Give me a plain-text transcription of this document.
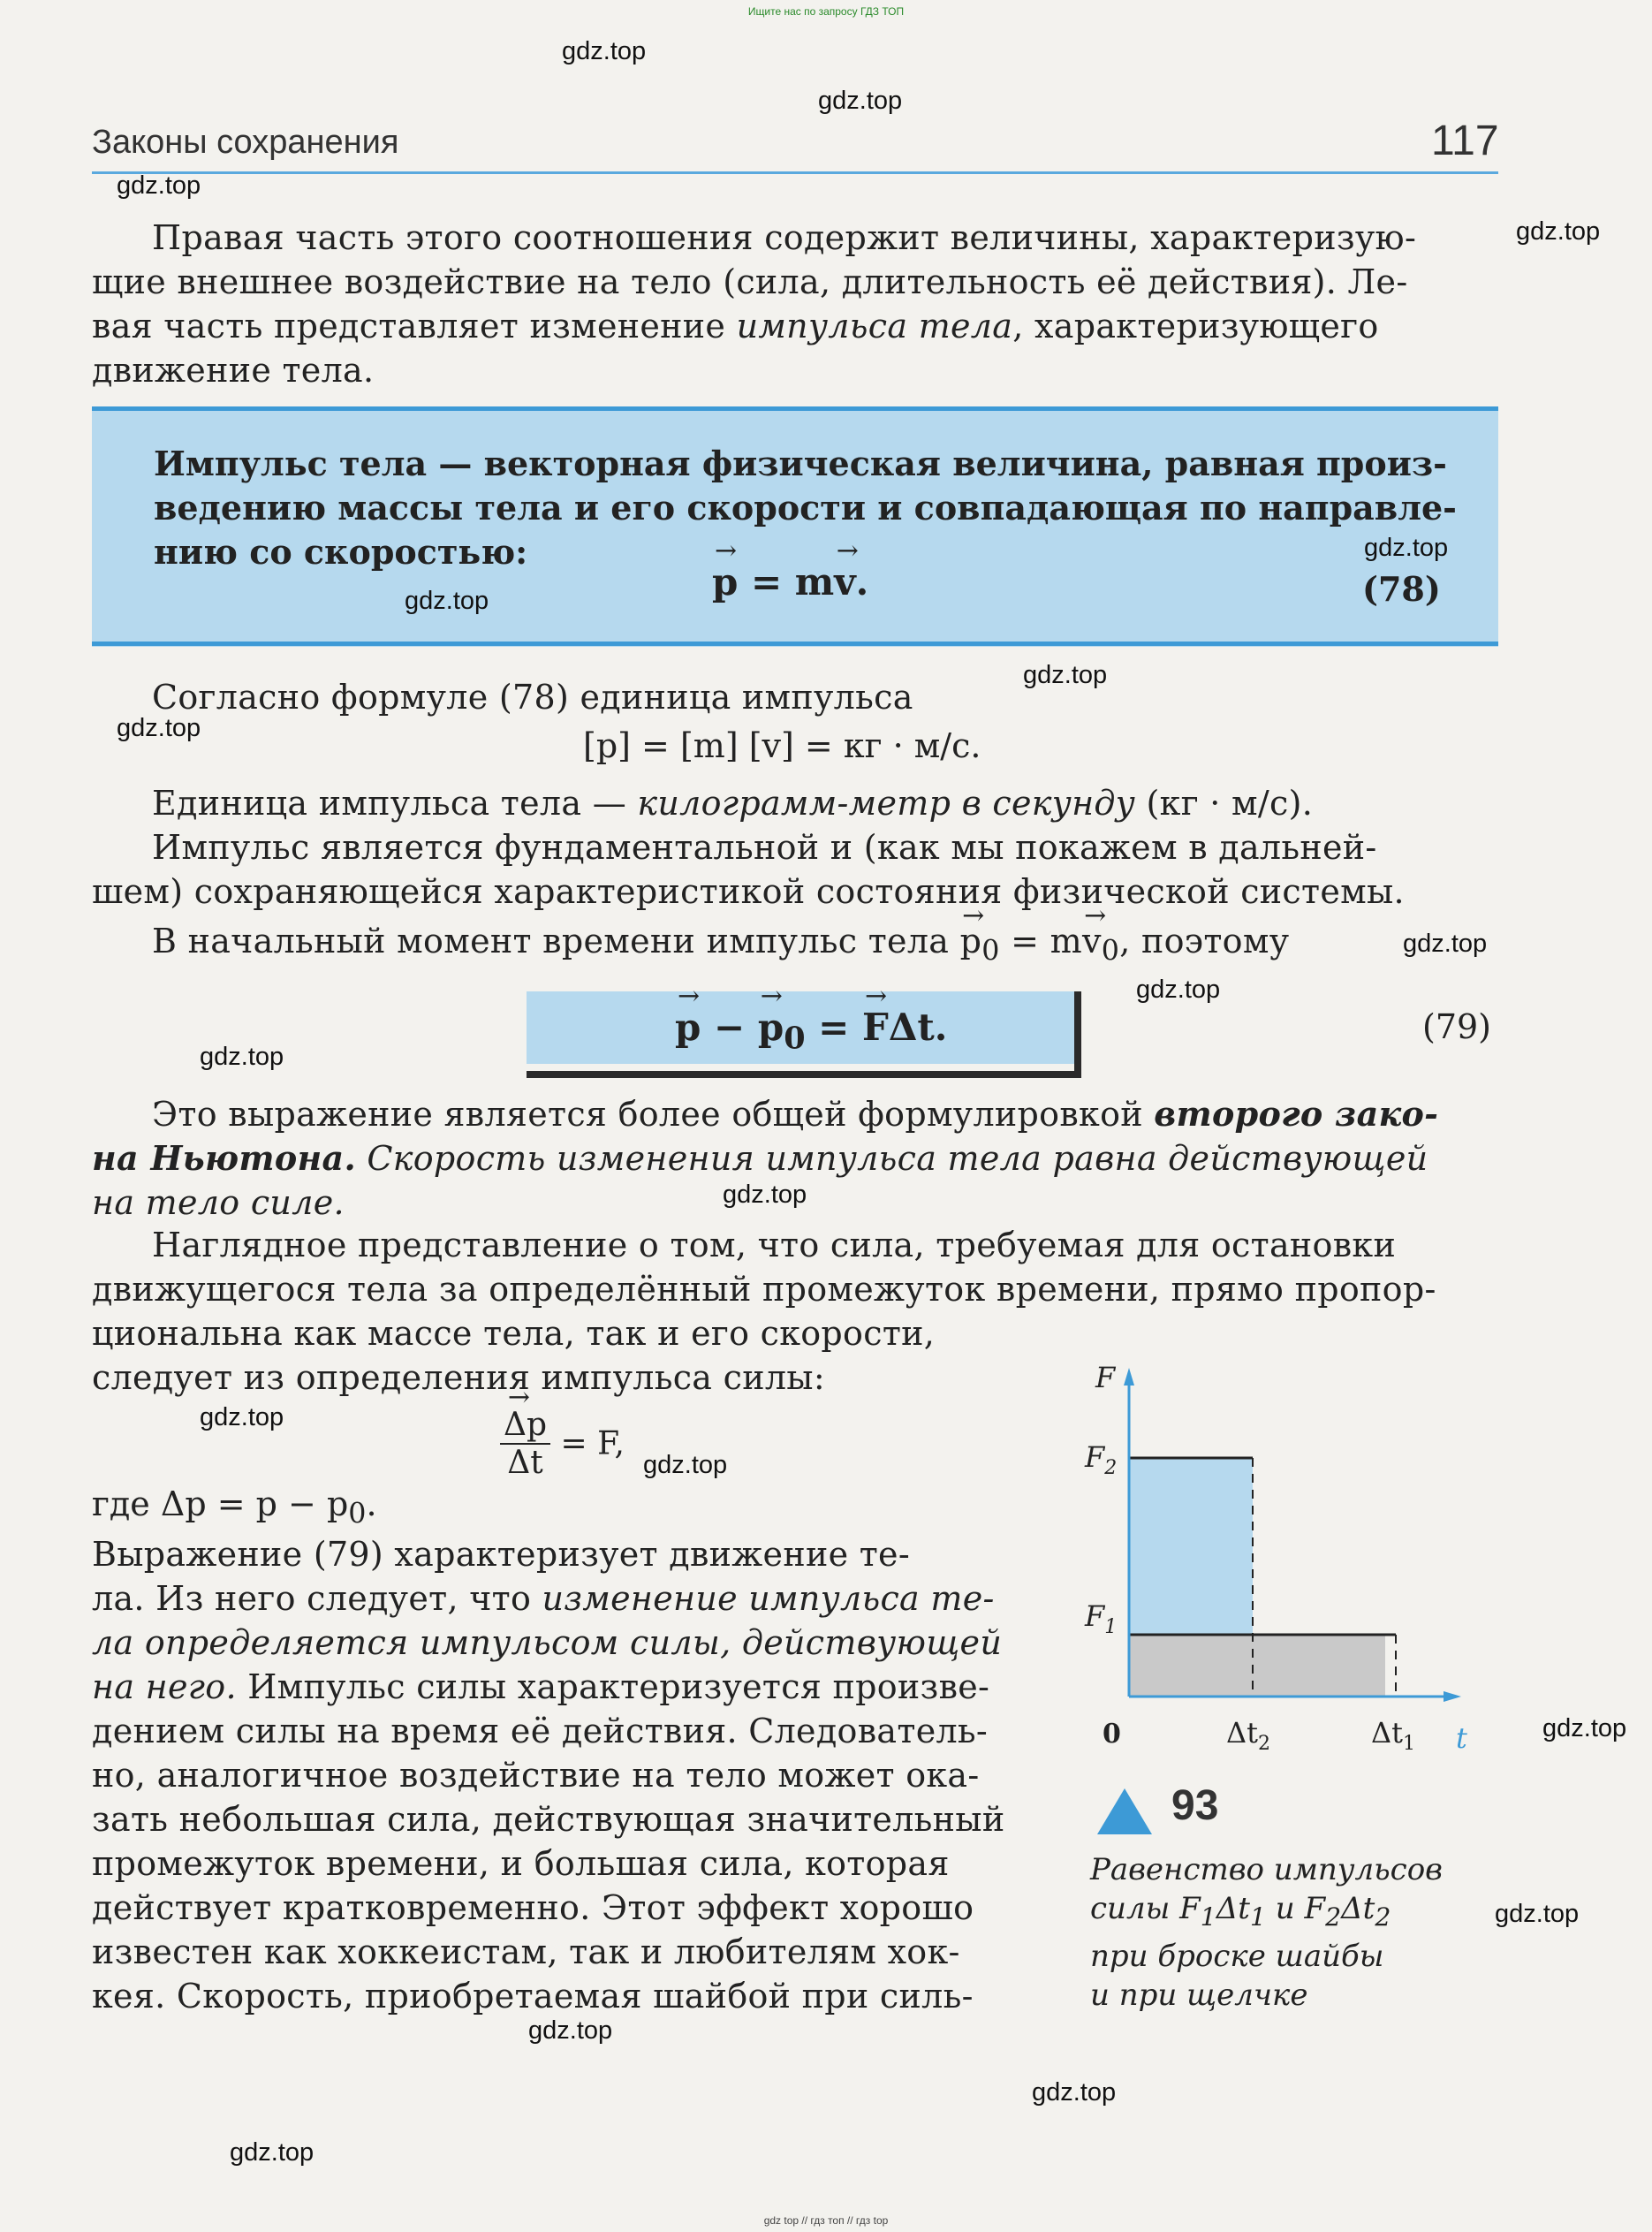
Ищите нас по запросу ГДЗ ТОП
gdz top // гдз топ // гдз top
Законы сохранения	117
Правая часть этого соотношения содержит величины, характеризую-
щие внешнее воздействие на тело (сила, длительность её действия). Ле-
вая часть представляет изменение импульса тела, характеризующего
движение тела.
Импульс тела — векторная физическая величина, равная произ-
ведению массы тела и его скорости и совпадающая по направле-
нию со скоростью:
→ p = m→ v.	(78)
Согласно формуле (78) единица импульса
[p] = [m] [v] = кг · м/с.
Единица импульса тела — килограмм-метр в секунду (кг · м/с).
Импульс является фундаментальной и (как мы покажем в дальней-
шем) сохраняющейся характеристикой состояния физической системы.
В начальный момент времени импульс тела → $p_0 = m\to v_0$, поэтому
→ p − → $p_0$ = → FΔt.	(79)
Это выражение является более общей формулировкой второго зако-
на Ньютона. Скорость изменения импульса тела равна действующей
на тело силе.
Наглядное представление о том, что сила, требуемая для остановки
движущегося тела за определённый промежуток времени, прямо пропор-
циональна как массе тела, так и его скорости,
следует из определения импульса силы:
→ $\frac{\Delta p}{\Delta t} = F$,
где $\Delta p = p - p_0$.
Выражение (79) характеризует движение те-
ла. Из него следует, что изменение импульса те-
ла определяется импульсом силы, действующей
на него. Импульс силы характеризуется произве-
дением силы на время её действия. Следователь-
но, аналогичное воздействие на тело может ока-
зать небольшая сила, действующая значительный
промежуток времени, и большая сила, которая
действует кратковременно. Этот эффект хорошо
известен как хоккеистам, так и любителям хок-
кея. Скорость, приобретаемая шайбой при силь-
F
t
0
$F_2$
$F_1$
$\Delta t_2$	$\Delta t_1$
93
Равенство импульсов
силы $F_1\Delta t_1$ и $F_2\Delta t_2$
при броске шайбы
и при щелчке
gdz.top
gdz.top
gdz.top
gdz.top
gdz.top
gdz.top
gdz.top
gdz.top
gdz.top
gdz.top
gdz.top
gdz.top
gdz.top
gdz.top
gdz.top
gdz.top
gdz.top
gdz.top
gdz.top
